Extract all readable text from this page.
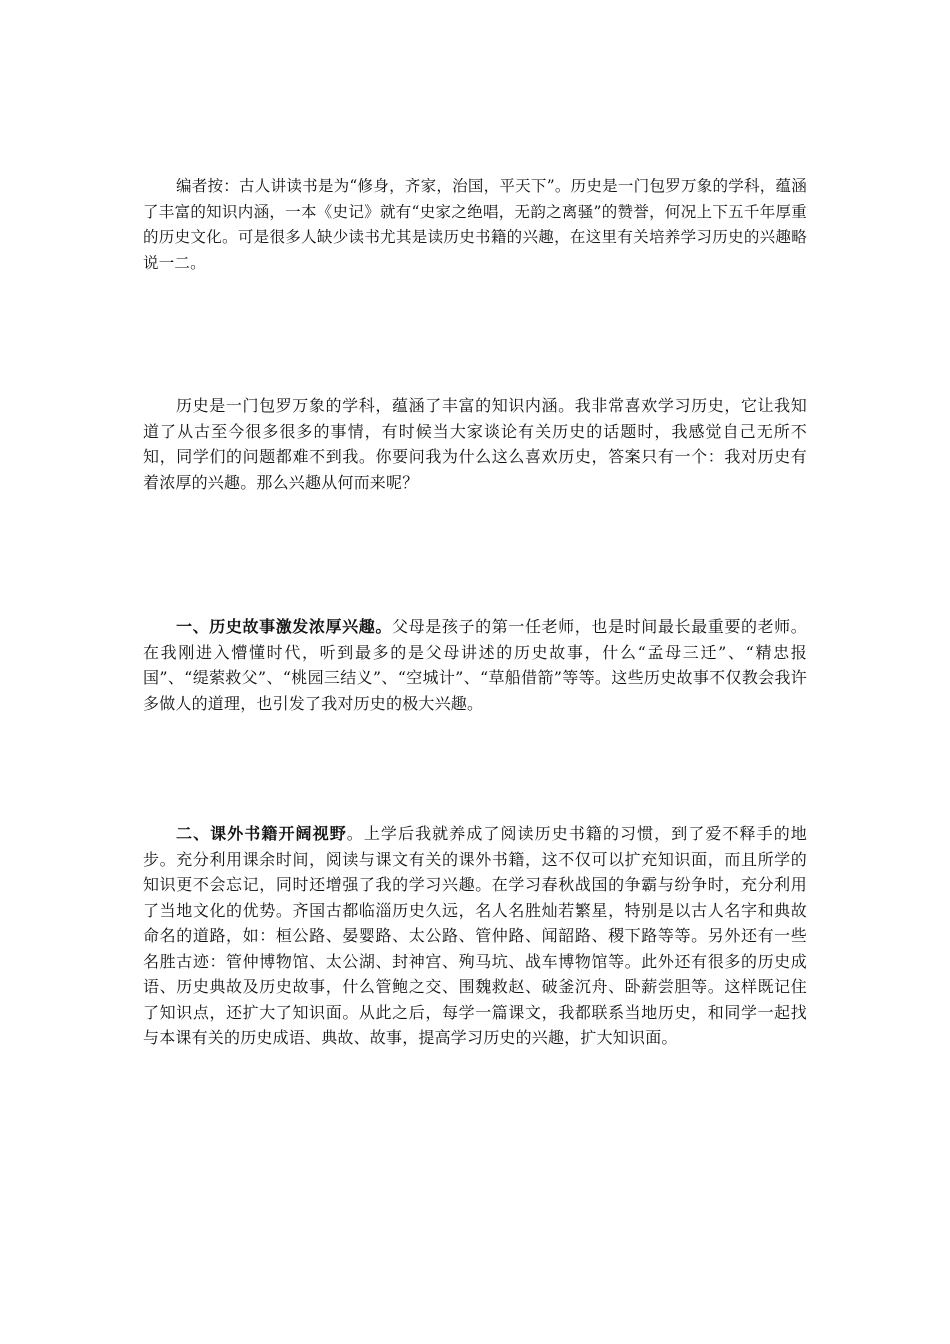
编者按：古人讲读书是为“修身，齐家，治国，平天下”。历史是一门包罗万象的学科，蕴涵了丰富的知识内涵，一本《史记》就有“史家之绝唱，无韵之离骚”的赞誉，何况上下五千年厚重的历史文化。可是很多人缺少读书尤其是读历史书籍的兴趣，在这里有关培养学习历史的兴趣略说一二。

历史是一门包罗万象的学科，蕴涵了丰富的知识内涵。我非常喜欢学习历史，它让我知道了从古至今很多很多的事情，有时候当大家谈论有关历史的话题时，我感觉自己无所不知，同学们的问题都难不到我。你要问我为什么这么喜欢历史，答案只有一个：我对历史有着浓厚的兴趣。那么兴趣从何而来呢？

一、历史故事激发浓厚兴趣。父母是孩子的第一任老师，也是时间最长最重要的老师。在我刚进入懵懂时代，听到最多的是父母讲述的历史故事，什么“孟母三迁”、“精忠报国”、“缇萦救父”、“桃园三结义”、“空城计”、“草船借箭”等等。这些历史故事不仅教会我许多做人的道理，也引发了我对历史的极大兴趣。

二、课外书籍开阔视野。上学后我就养成了阅读历史书籍的习惯，到了爱不释手的地步。充分利用课余时间，阅读与课文有关的课外书籍，这不仅可以扩充知识面，而且所学的知识更不会忘记，同时还增强了我的学习兴趣。在学习春秋战国的争霸与纷争时，充分利用了当地文化的优势。齐国古都临淄历史久远，名人名胜灿若繁星，特别是以古人名字和典故命名的道路，如：桓公路、晏婴路、太公路、管仲路、闻韶路、稷下路等等。另外还有一些名胜古迹：管仲博物馆、太公湖、封神宫、殉马坑、战车博物馆等。此外还有很多的历史成语、历史典故及历史故事，什么管鲍之交、围魏救赵、破釜沉舟、卧薪尝胆等。这样既记住了知识点，还扩大了知识面。从此之后，每学一篇课文，我都联系当地历史，和同学一起找与本课有关的历史成语、典故、故事，提高学习历史的兴趣，扩大知识面。
